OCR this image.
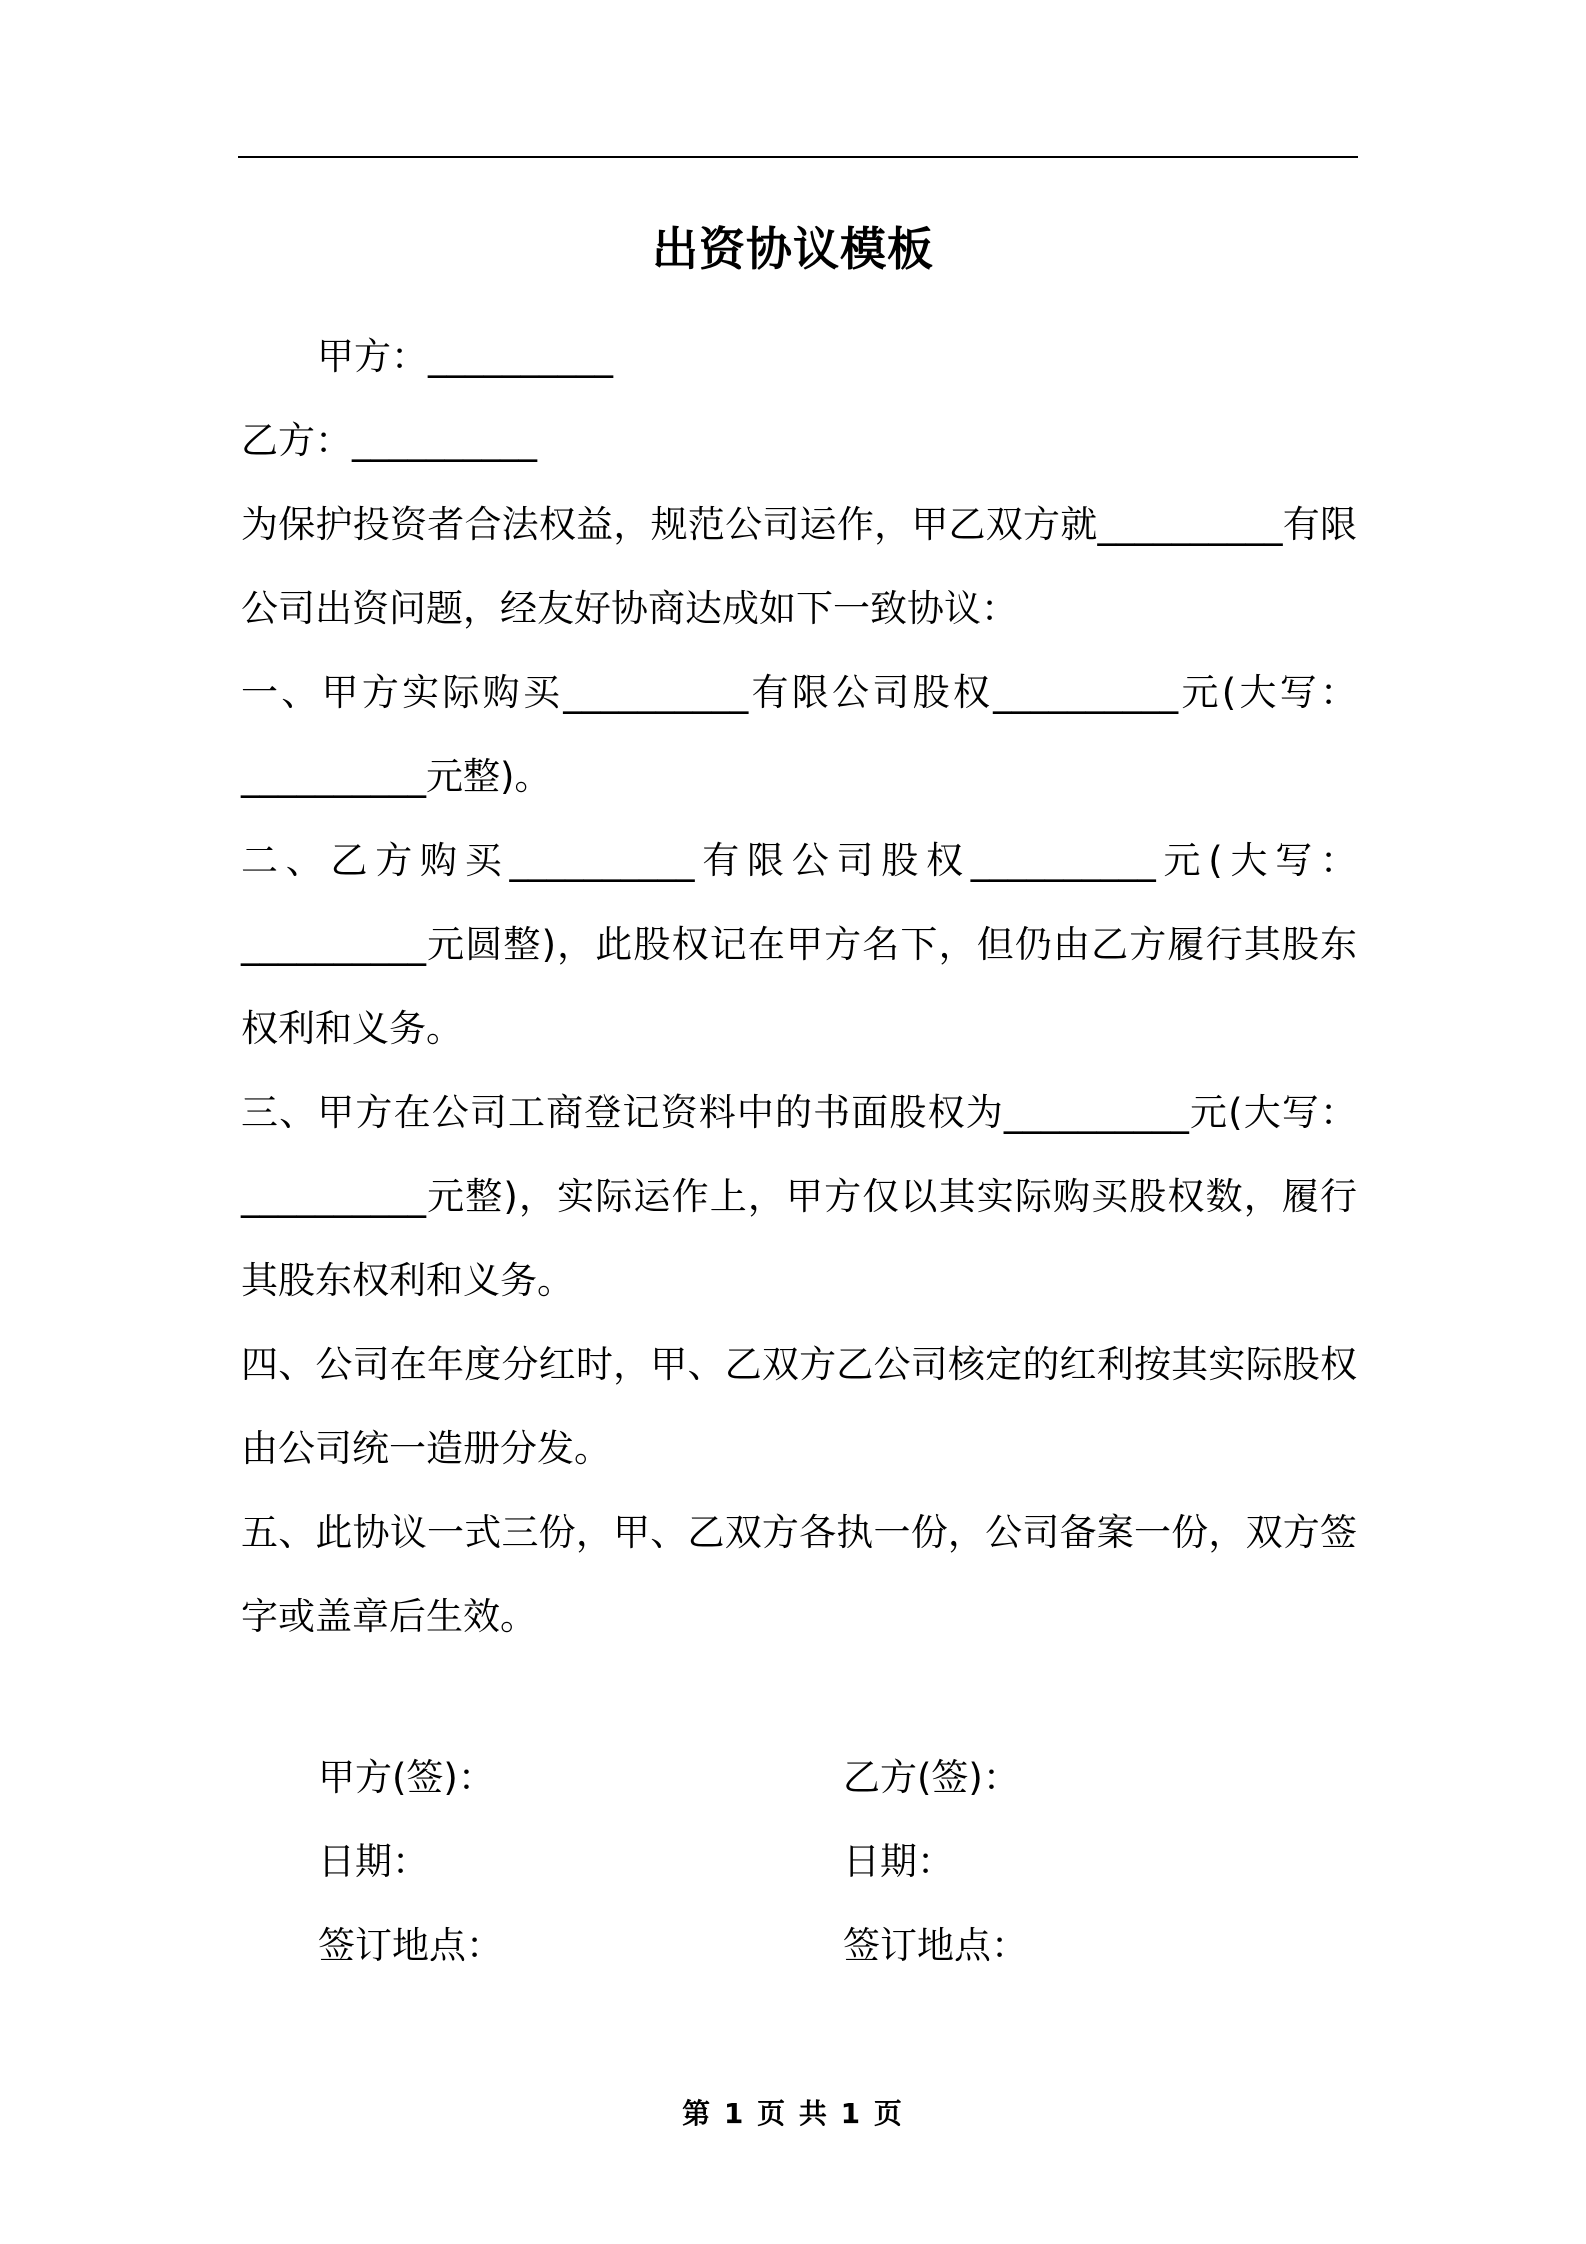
出资协议模板
甲方：__________
乙方：__________
为保护投资者合法权益，规范公司运作，甲乙双方就__________有限
公司出资问题，经友好协商达成如下一致协议：
一、甲方实际购买__________有限公司股权__________元(大写：
__________元整)。
二、乙方购买__________有限公司股权__________元(大写：
__________元圆整)，此股权记在甲方名下，但仍由乙方履行其股东
权利和义务。
三、甲方在公司工商登记资料中的书面股权为__________元(大写：
__________元整)，实际运作上，甲方仅以其实际购买股权数，履行
其股东权利和义务。
四、公司在年度分红时，甲、乙双方乙公司核定的红利按其实际股权
由公司统一造册分发。
五、此协议一式三份，甲、乙双方各执一份，公司备案一份，双方签
字或盖章后生效。
甲方(签)：	乙方(签)：
日期：	日期：
签订地点：	签订地点：
第 1 页 共 1 页
